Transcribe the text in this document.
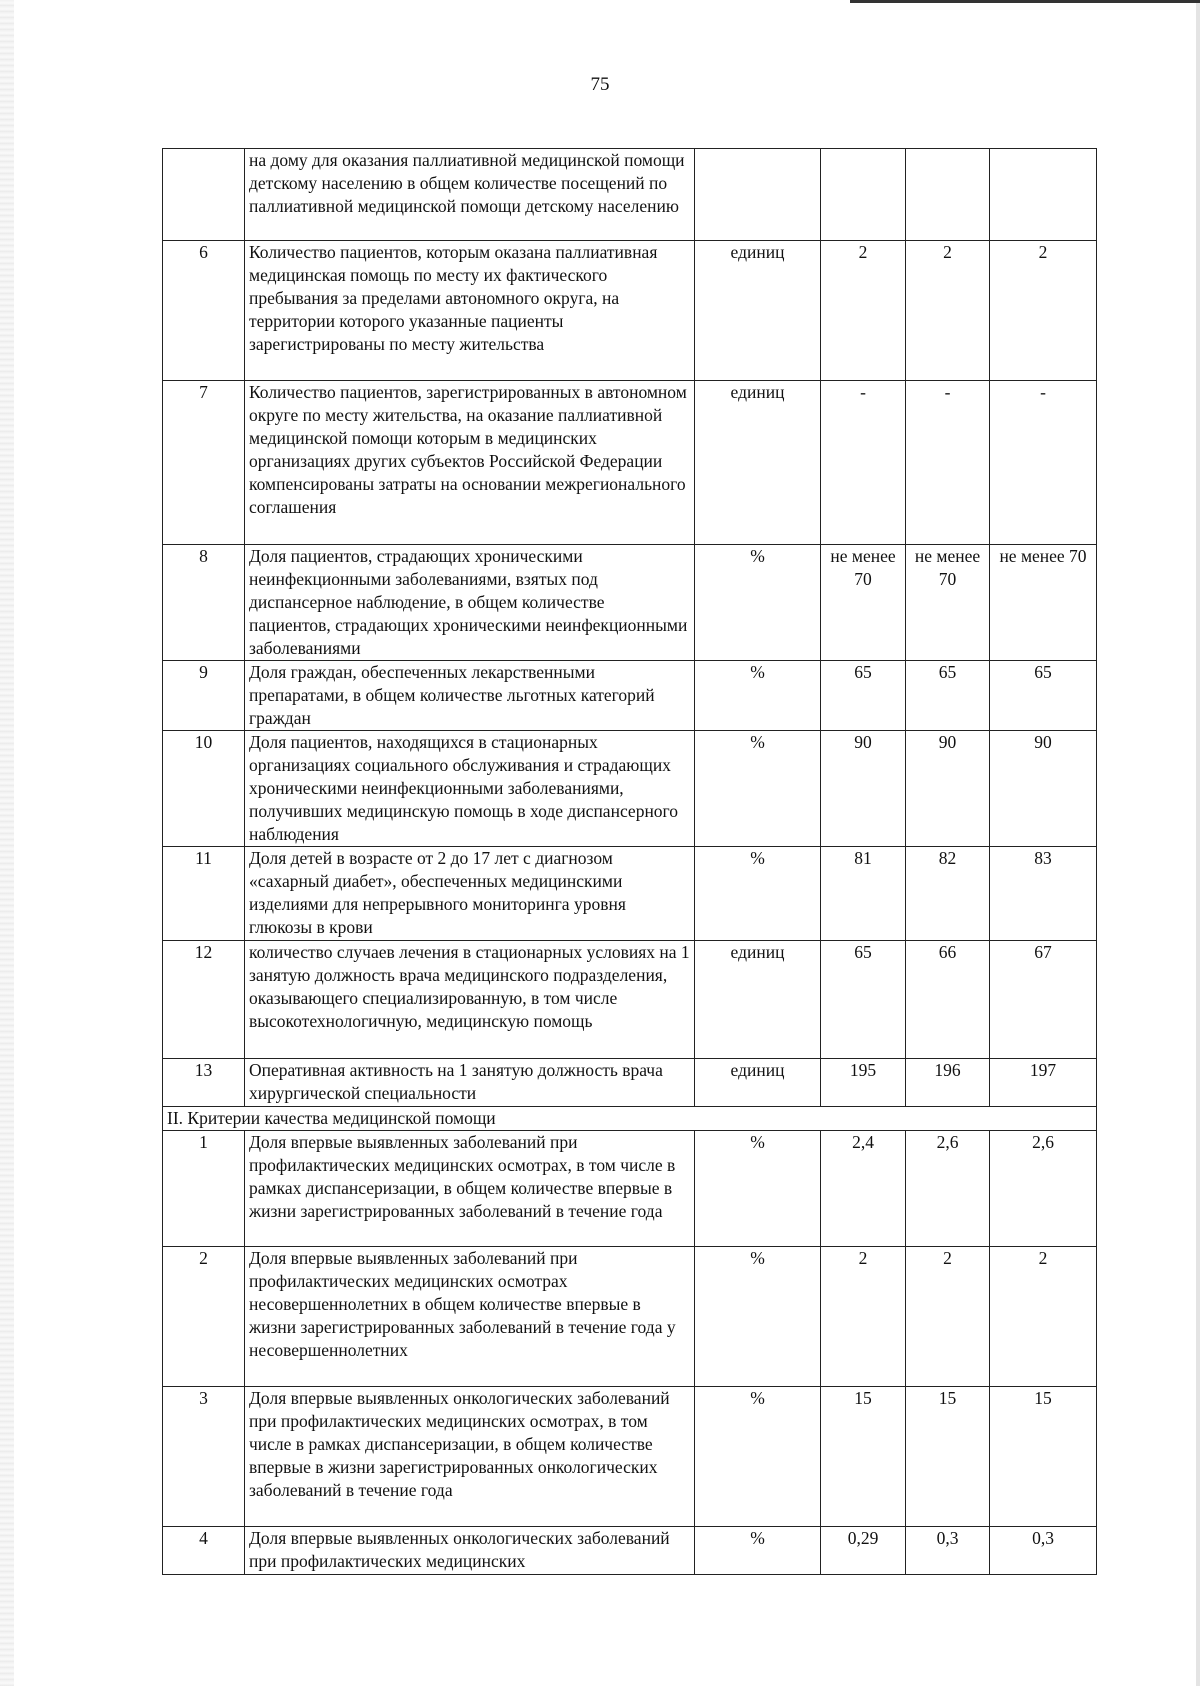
75
	на дому для оказания паллиативной медицинской помощи детскому населению в общем количестве посещений по паллиативной медицинской помощи детскому населению				
6	Количество пациентов, которым оказана паллиативная медицинская помощь по месту их фактического пребывания за пределами автономного округа, на территории которого указанные пациенты зарегистрированы по месту жительства	единиц	2	2	2
7	Количество пациентов, зарегистрированных в автономном округе по месту жительства, на оказание паллиативной медицинской помощи которым в медицинских организациях других субъектов Российской Федерации компенсированы затраты на основании межрегионального соглашения	единиц	-	-	-
8	Доля пациентов, страдающих хроническими неинфекционными заболеваниями, взятых под диспансерное наблюдение, в общем количестве пациентов, страдающих хроническими неинфекционными заболеваниями	%	не менее 70	не менее 70	не менее 70
9	Доля граждан, обеспеченных лекарственными препаратами, в общем количестве льготных категорий граждан	%	65	65	65
10	Доля пациентов, находящихся в стационарных организациях социального обслуживания и страдающих хроническими неинфекционными заболеваниями, получивших медицинскую помощь в ходе диспансерного наблюдения	%	90	90	90
11	Доля детей в возрасте от 2 до 17 лет с диагнозом «сахарный диабет», обеспеченных медицинскими изделиями для непрерывного мониторинга уровня глюкозы в крови	%	81	82	83
12	количество случаев лечения в стационарных условиях на 1 занятую должность врача медицинского подразделения, оказывающего специализированную, в том числе высокотехнологичную, медицинскую помощь	единиц	65	66	67
13	Оперативная активность на 1 занятую должность врача хирургической специальности	единиц	195	196	197
II. Критерии качества медицинской помощи					
1	Доля впервые выявленных заболеваний при профилактических медицинских осмотрах, в том числе в рамках диспансеризации, в общем количестве впервые в жизни зарегистрированных заболеваний в течение года	%	2,4	2,6	2,6
2	Доля впервые выявленных заболеваний при профилактических медицинских осмотрах несовершеннолетних в общем количестве впервые в жизни зарегистрированных заболеваний в течение года у несовершеннолетних	%	2	2	2
3	Доля впервые выявленных онкологических заболеваний при профилактических медицинских осмотрах, в том числе в рамках диспансеризации, в общем количестве впервые в жизни зарегистрированных онкологических заболеваний в течение года	%	15	15	15
4	Доля впервые выявленных онкологических заболеваний при профилактических медицинских	%	0,29	0,3	0,3
